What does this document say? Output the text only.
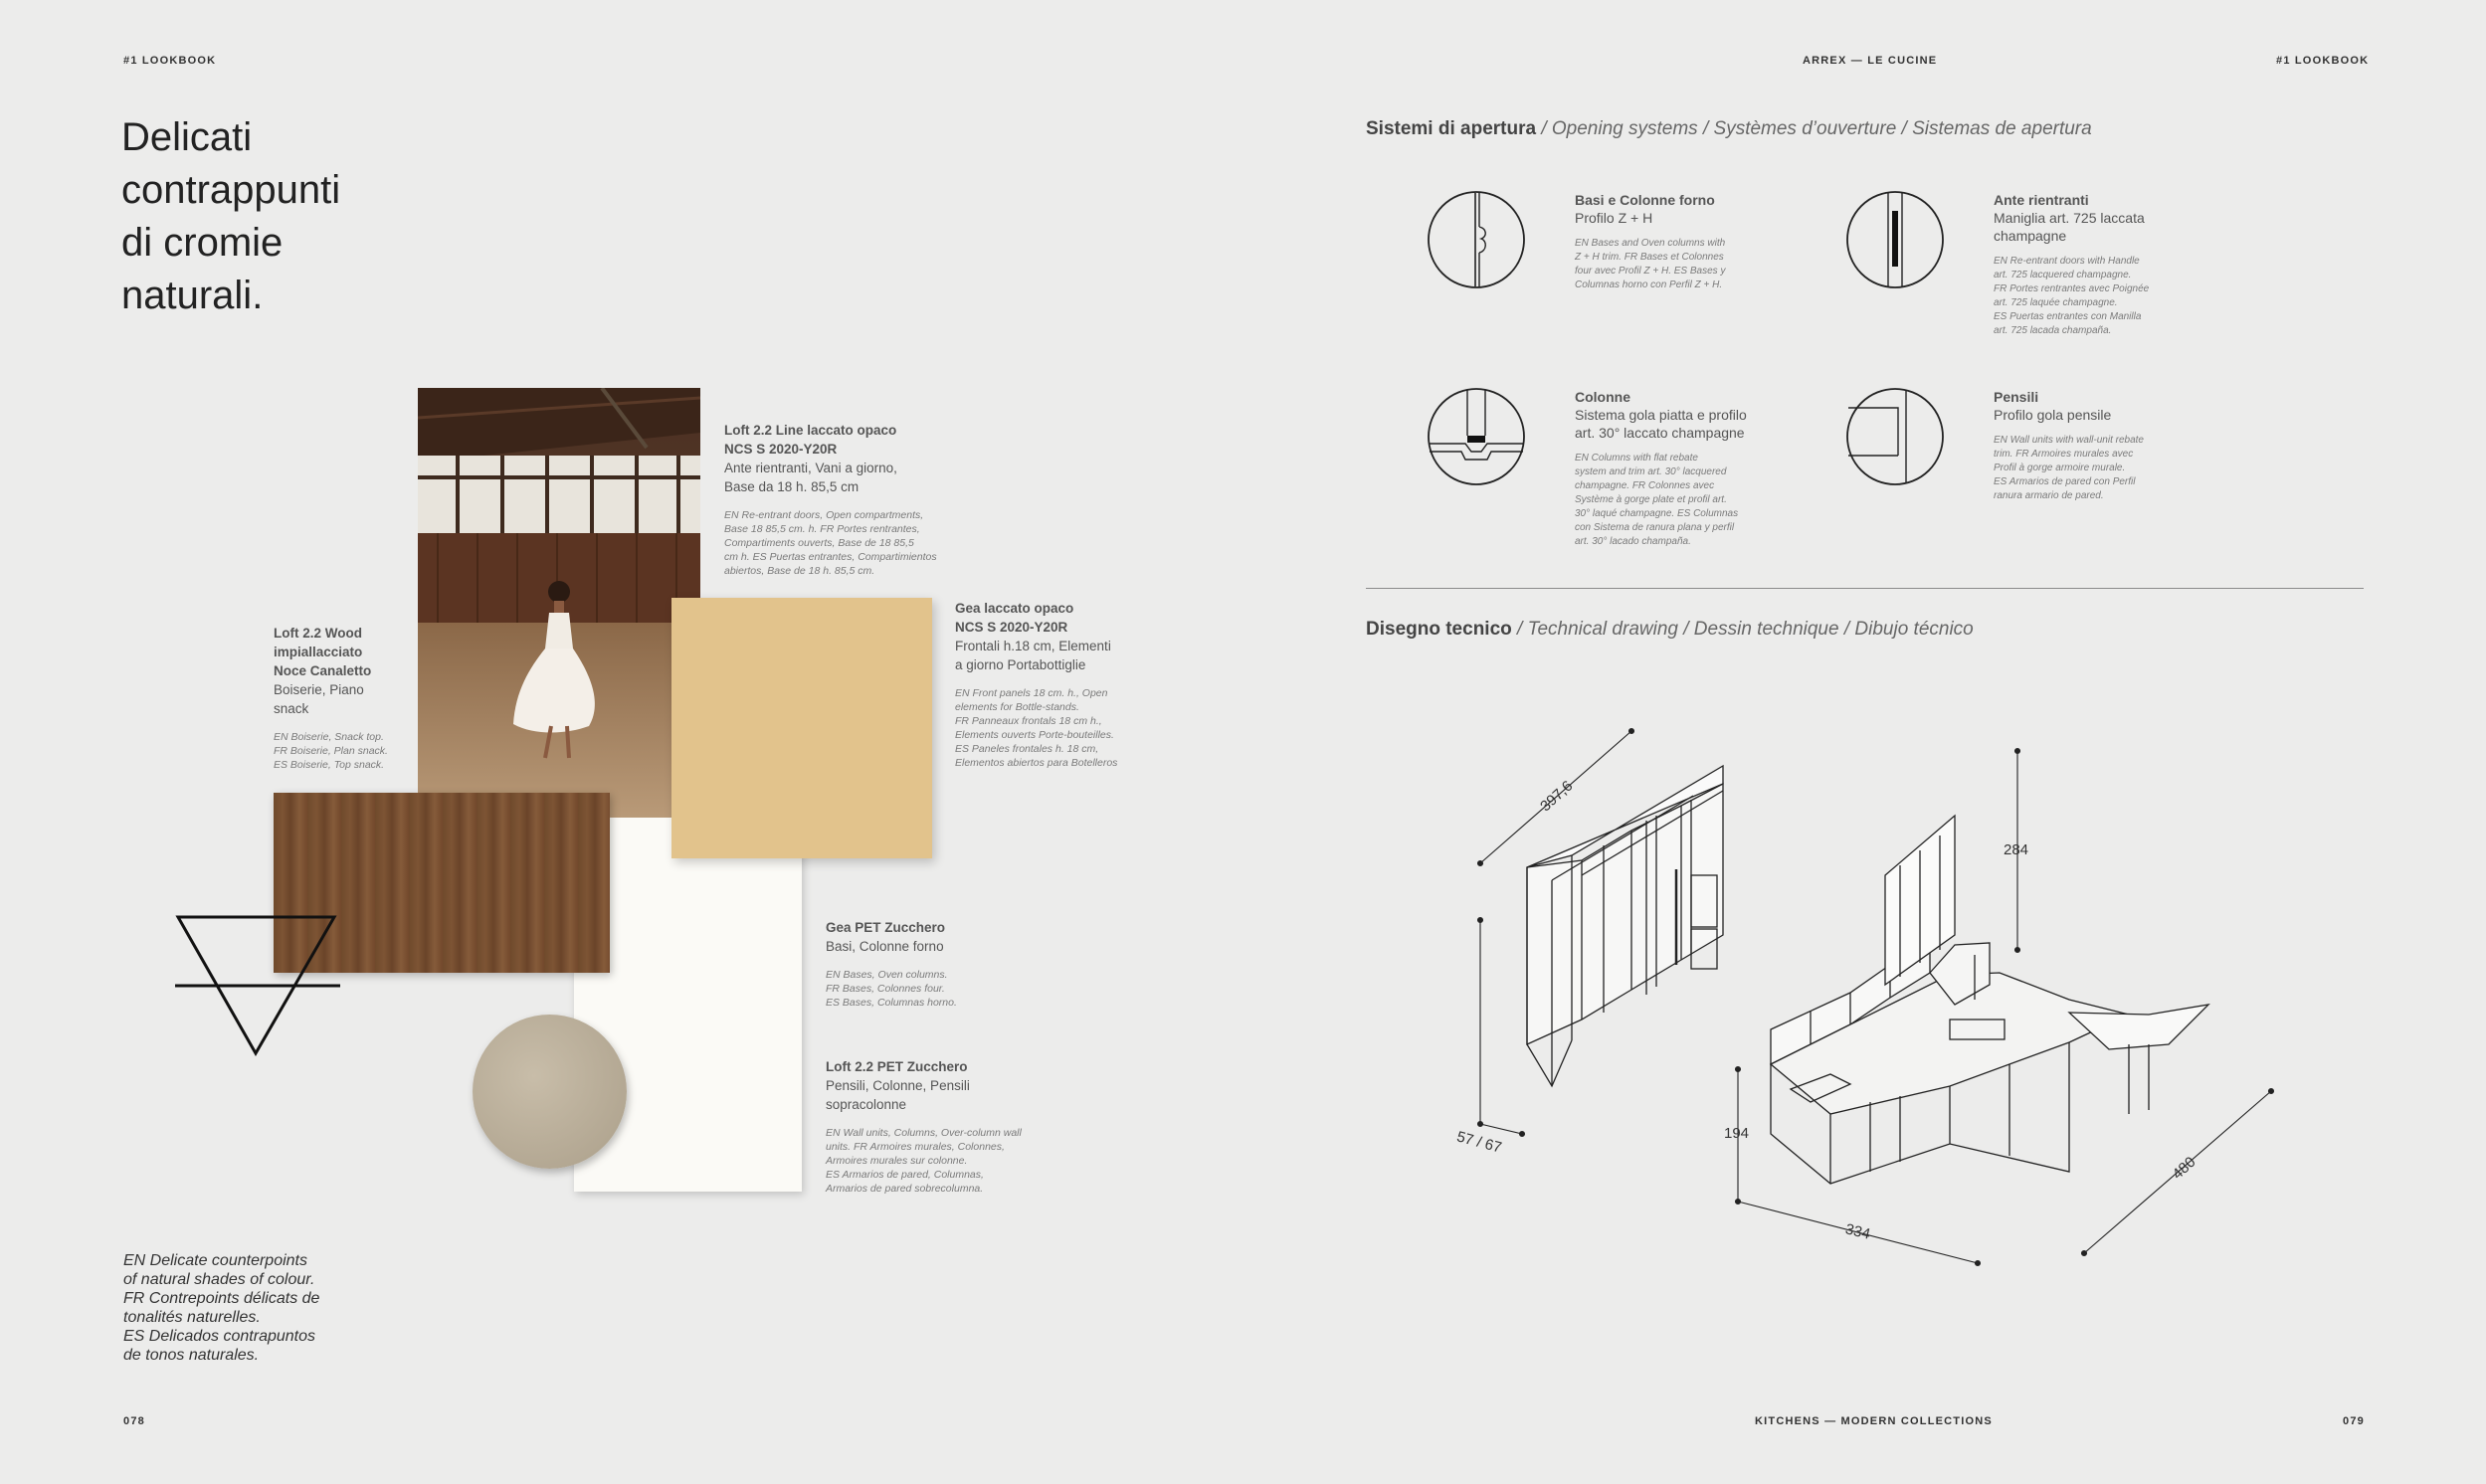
#1 LOOKBOOK	ARREX — LE CUCINE	#1 LOOKBOOK
Delicati
contrappunti
di cromie
naturali.
Loft 2.2 Line laccato opaco
NCS S 2020-Y20R
Ante rientranti, Vani a giorno,
Base da 18 h. 85,5 cm
EN Re-entrant doors, Open compartments,
Base 18 85,5 cm. h. FR Portes rentrantes,
Compartiments ouverts, Base de 18 85,5
cm h. ES Puertas entrantes, Compartimientos
abiertos, Base de 18 h. 85,5 cm.
Loft 2.2 Wood
impiallacciato
Noce Canaletto
Boiserie, Piano
snack
EN Boiserie, Snack top.
FR Boiserie, Plan snack.
ES Boiserie, Top snack.
Gea laccato opaco
NCS S 2020-Y20R
Frontali h.18 cm, Elementi
a giorno Portabottiglie
EN Front panels 18 cm. h., Open
elements for Bottle-stands.
FR Panneaux frontals 18 cm h.,
Elements ouverts Porte-bouteilles.
ES Paneles frontales h. 18 cm,
Elementos abiertos para Botelleros
Gea PET Zucchero
Basi, Colonne forno
EN Bases, Oven columns.
FR Bases, Colonnes four.
ES Bases, Columnas horno.
Loft 2.2 PET Zucchero
Pensili, Colonne, Pensili
sopracolonne
EN Wall units, Columns, Over-column wall
units. FR Armoires murales, Colonnes,
Armoires murales sur colonne.
ES Armarios de pared, Columnas,
Armarios de pared sobrecolumna.
EN Delicate counterpoints
of natural shades of colour.
FR Contrepoints délicats de
tonalités naturelles.
ES Delicados contrapuntos
de tonos naturales.
078
Sistemi di apertura / Opening systems / Systèmes d’ouverture / Sistemas de apertura
Basi e Colonne forno
Profilo Z + H
EN Bases and Oven columns with
Z + H trim. FR Bases et Colonnes
four avec Profil Z + H. ES Bases y
Columnas horno con Perfil Z + H.
Ante rientranti
Maniglia art. 725 laccata
champagne
EN Re-entrant doors with Handle
art. 725 lacquered champagne.
FR Portes rentrantes avec Poignée
art. 725 laquée champagne.
ES Puertas entrantes con Manilla
art. 725 lacada champaña.
Colonne
Sistema gola piatta e profilo
art. 30° laccato champagne
EN Columns with flat rebate
system and trim art. 30° lacquered
champagne. FR Colonnes avec
Système à gorge plate et profil art.
30° laqué champagne. ES Columnas
con Sistema de ranura plana y perfil
art. 30° lacado champaña.
Pensili
Profilo gola pensile
EN Wall units with wall-unit rebate
trim. FR Armoires murales avec
Profil à gorge armoire murale.
ES Armarios de pared con Perfil
ranura armario de pared.
Disegno tecnico / Technical drawing / Dessin technique / Dibujo técnico
397,6
57 / 67
284
194
334
480
KITCHENS — MODERN COLLECTIONS	079
